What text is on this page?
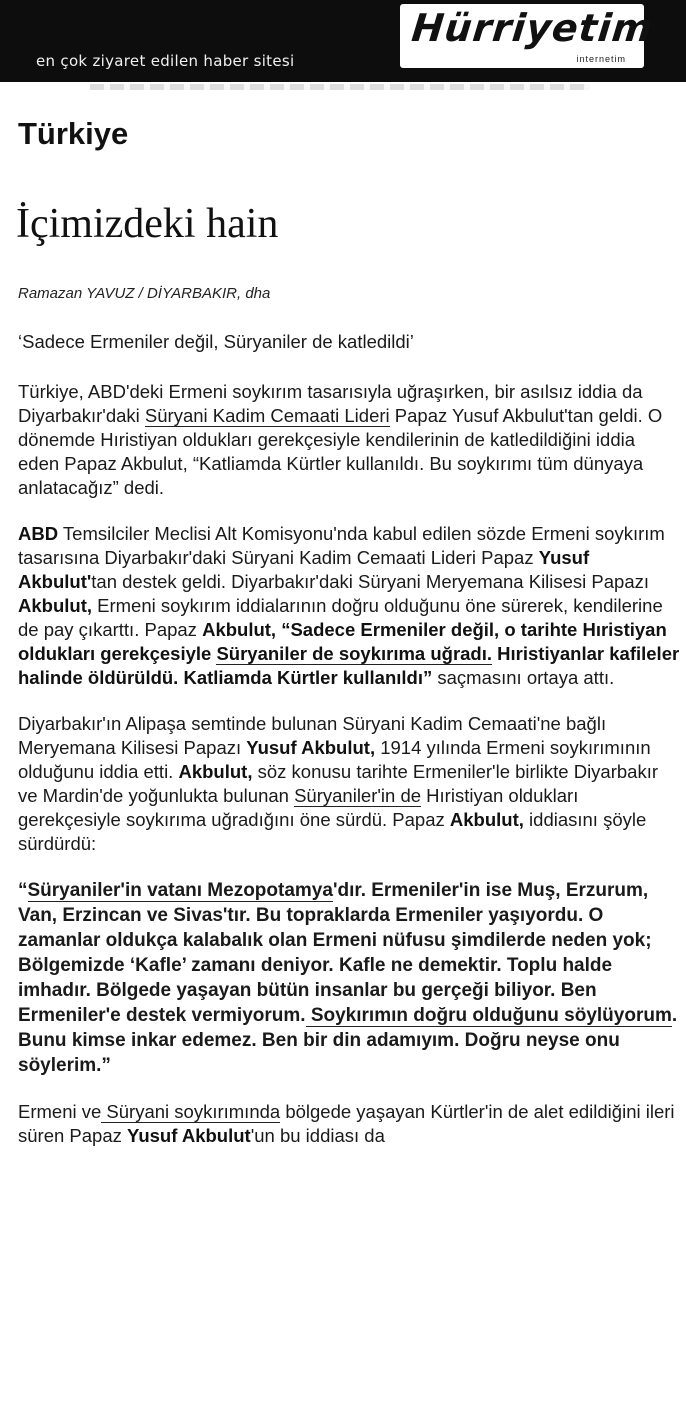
en çok ziyaret edilen haber sitesi
Hürriyetim
internetim
Türkiye
İçimizdeki hain
Ramazan YAVUZ / DİYARBAKIR, dha

‘Sadece Ermeniler değil, Süryaniler de katledildi’

Türkiye, ABD'deki Ermeni soykırım tasarısıyla uğraşırken, bir asılsız iddia da Diyarbakır'daki Süryani Kadim Cemaati Lideri Papaz Yusuf Akbulut'tan geldi. O dönemde Hıristiyan oldukları gerekçesiyle kendilerinin de katledildiğini iddia eden Papaz Akbulut, “Katliamda Kürtler kullanıldı. Bu soykırımı tüm dünyaya anlatacağız” dedi.

ABD Temsilciler Meclisi Alt Komisyonu'nda kabul edilen sözde Ermeni soykırım tasarısına Diyarbakır'daki Süryani Kadim Cemaati Lideri Papaz Yusuf Akbulut'tan destek geldi. Diyarbakır'daki Süryani Meryemana Kilisesi Papazı Akbulut, Ermeni soykırım iddialarının doğru olduğunu öne sürerek, kendilerine de pay çıkarttı. Papaz Akbulut, “Sadece Ermeniler değil, o tarihte Hıristiyan oldukları gerekçesiyle Süryaniler de soykırıma uğradı. Hıristiyanlar kafileler halinde öldürüldü. Katliamda Kürtler kullanıldı” saçmasını ortaya attı.

Diyarbakır'ın Alipaşa semtinde bulunan Süryani Kadim Cemaati'ne bağlı Meryemana Kilisesi Papazı Yusuf Akbulut, 1914 yılında Ermeni soykırımının olduğunu iddia etti. Akbulut, söz konusu tarihte Ermeniler'le birlikte Diyarbakır ve Mardin'de yoğunlukta bulunan Süryaniler'in de Hıristiyan oldukları gerekçesiyle soykırıma uğradığını öne sürdü. Papaz Akbulut, iddiasını şöyle sürdürdü:

“Süryaniler'in vatanı Mezopotamya'dır. Ermeniler'in ise Muş, Erzurum, Van, Erzincan ve Sivas'tır. Bu topraklarda Ermeniler yaşıyordu. O zamanlar oldukça kalabalık olan Ermeni nüfusu şimdilerde neden yok; Bölgemizde ‘Kafle’ zamanı deniyor. Kafle ne demektir. Toplu halde imhadır. Bölgede yaşayan bütün insanlar bu gerçeği biliyor. Ben Ermeniler'e destek vermiyorum. Soykırımın doğru olduğunu söylüyorum. Bunu kimse inkar edemez. Ben bir din adamıyım. Doğru neyse onu söylerim.”

Ermeni ve Süryani soykırımında bölgede yaşayan Kürtler'in de alet edildiğini ileri süren Papaz Yusuf Akbulut'un bu iddiası da
